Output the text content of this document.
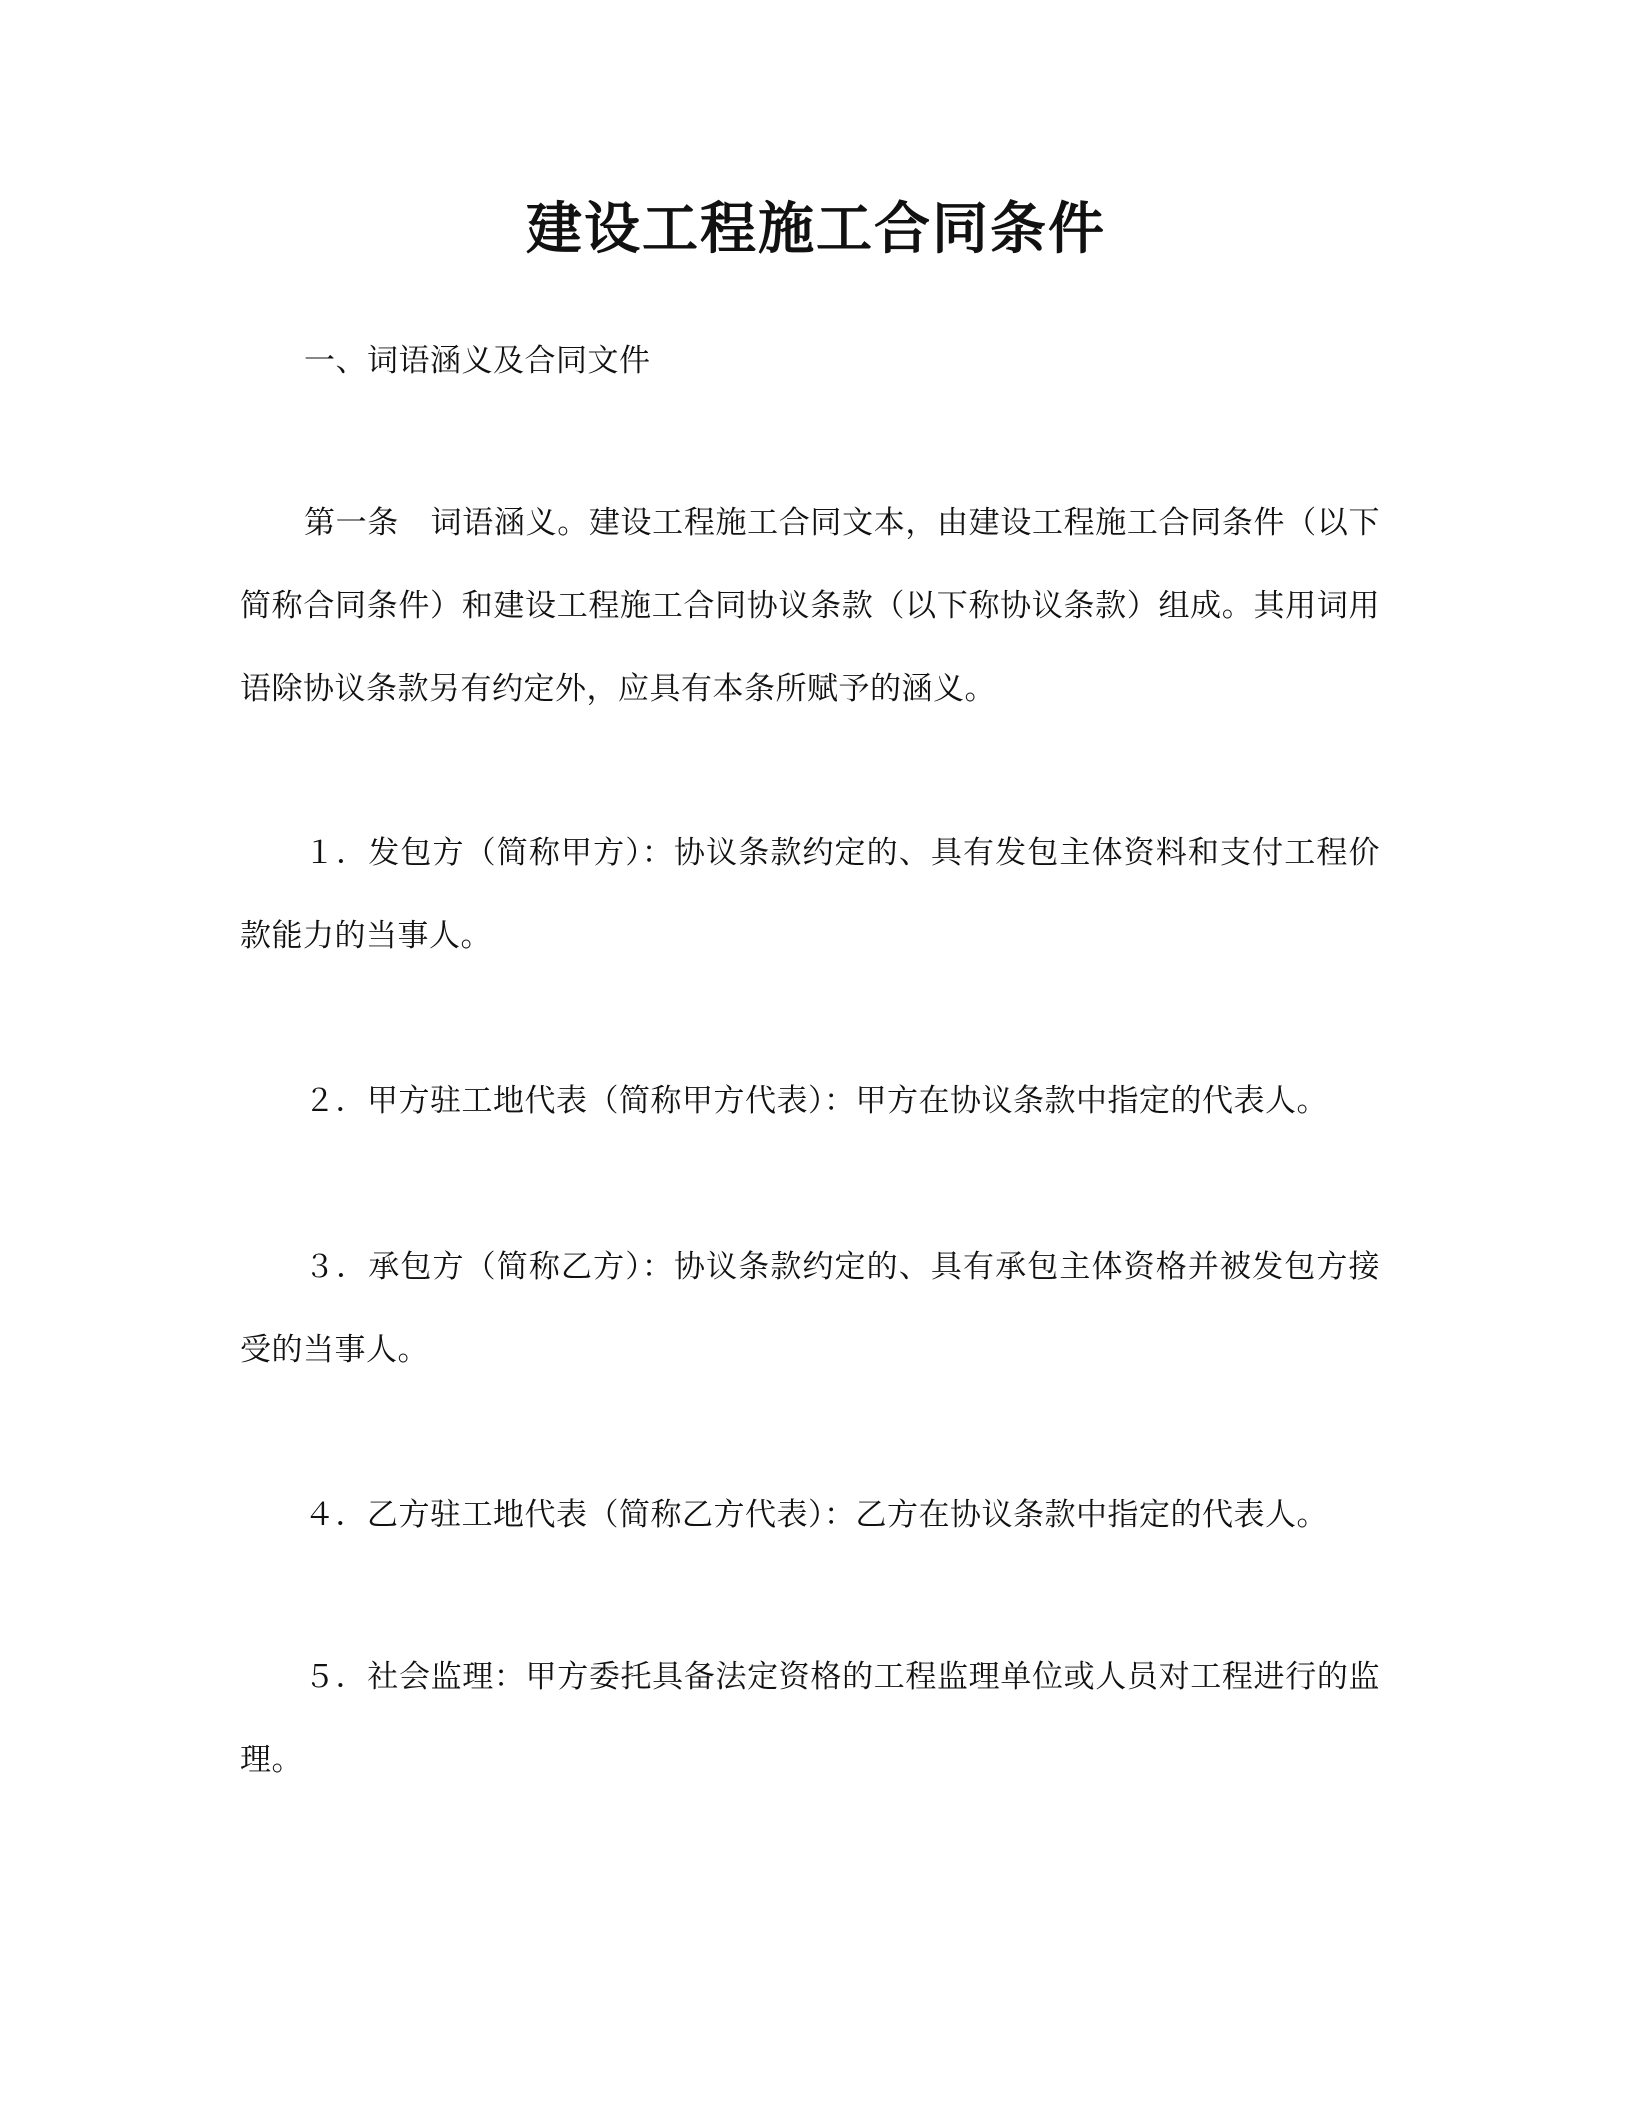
建设工程施工合同条件

一、词语涵义及合同文件

第一条　词语涵义。建设工程施工合同文本，由建设工程施工合同条件（以下简称合同条件）和建设工程施工合同协议条款（以下称协议条款）组成。其用词用语除协议条款另有约定外，应具有本条所赋予的涵义。

１．发包方（简称甲方）：协议条款约定的、具有发包主体资料和支付工程价款能力的当事人。

２．甲方驻工地代表（简称甲方代表）：甲方在协议条款中指定的代表人。

３．承包方（简称乙方）：协议条款约定的、具有承包主体资格并被发包方接受的当事人。

４．乙方驻工地代表（简称乙方代表）：乙方在协议条款中指定的代表人。

５．社会监理：甲方委托具备法定资格的工程监理单位或人员对工程进行的监理。
